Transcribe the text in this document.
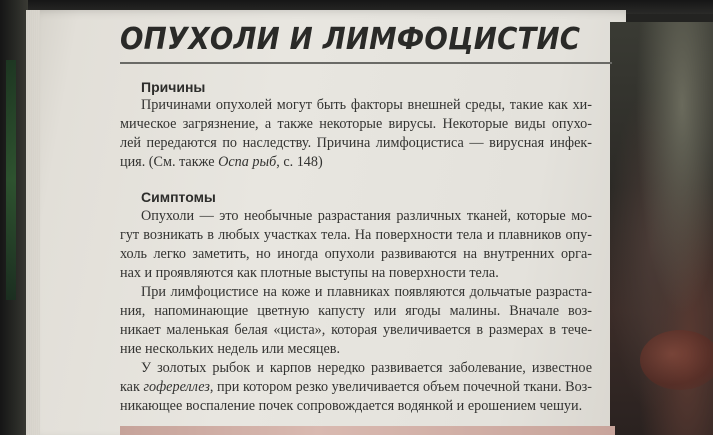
ОПУХОЛИ И ЛИМФОЦИСТИС
Причины
Причинами опухолей могут быть факторы внешней среды, такие как хи-
мическое загрязнение, а также некоторые вирусы. Некоторые виды опухо-
лей передаются по наследству. Причина лимфоцистиса — вирусная инфек-
ция. (См. также Оспа рыб, с. 148)
Симптомы
Опухоли — это необычные разрастания различных тканей, которые мо-
гут возникать в любых участках тела. На поверхности тела и плавников опу-
холь легко заметить, но иногда опухоли развиваются на внутренних орга-
нах и проявляются как плотные выступы на поверхности тела.
При лимфоцистисе на коже и плавниках появляются дольчатые разраста-
ния, напоминающие цветную капусту или ягоды малины. Вначале воз-
никает маленькая белая «циста», которая увеличивается в размерах в тече-
ние нескольких недель или месяцев.
У золотых рыбок и карпов нередко развивается заболевание, известное
как гофереллез, при котором резко увеличивается объем почечной ткани. Воз-
никающее воспаление почек сопровождается водянкой и ерошением чешуи.
